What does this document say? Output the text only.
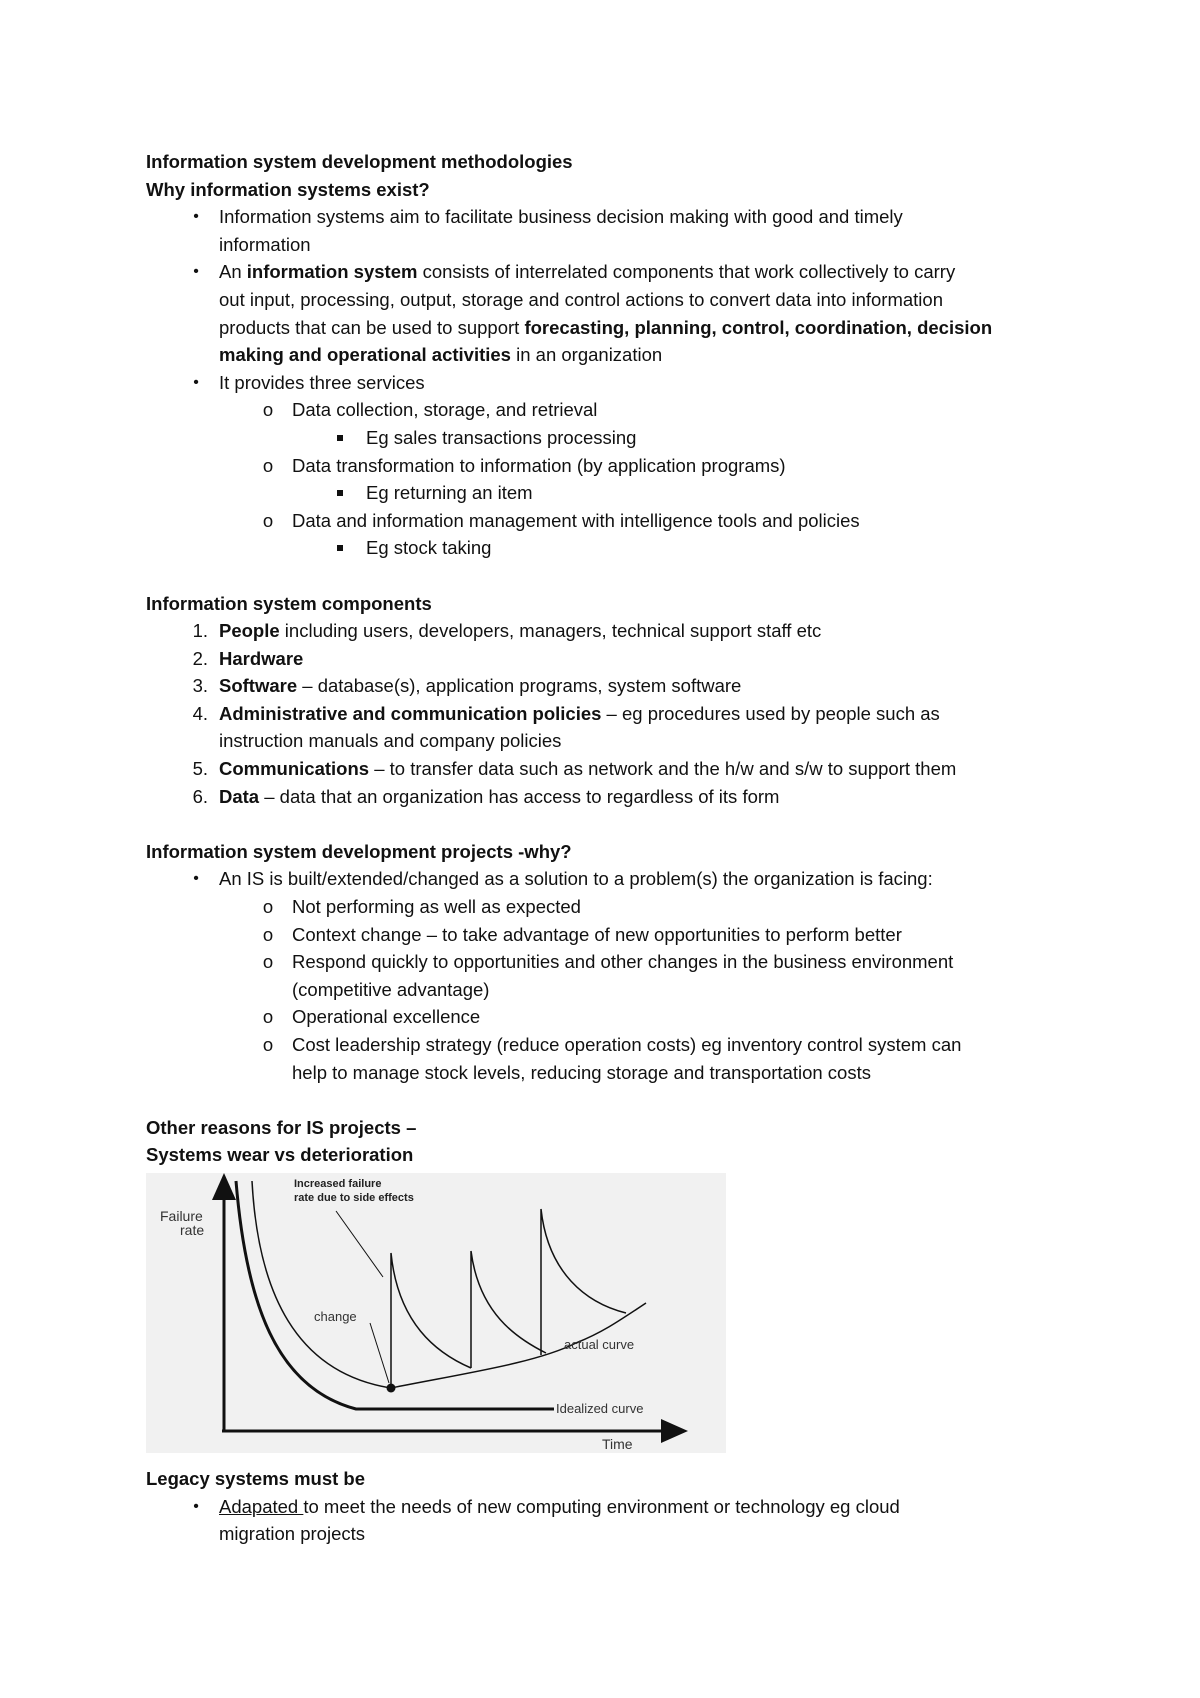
Information system development methodologies
Why information systems exist?
•	Information systems aim to facilitate business decision making with good and timely
information
•	An information system consists of interrelated components that work collectively to carry
out input, processing, output, storage and control actions to convert data into information
products that can be used to support forecasting, planning, control, coordination, decision
making and operational activities in an organization
•	It provides three services
o Data collection, storage, and retrieval
Eg sales transactions processing
o Data transformation to information (by application programs)
Eg returning an item
o Data and information management with intelligence tools and policies
Eg stock taking
Information system components
1. People including users, developers, managers, technical support staff etc
2. Hardware
3. Software – database(s), application programs, system software
4. Administrative and communication policies – eg procedures used by people such as
instruction manuals and company policies
5. Communications – to transfer data such as network and the h/w and s/w to support them
6. Data – data that an organization has access to regardless of its form
Information system development projects -why?
•	An IS is built/extended/changed as a solution to a problem(s) the organization is facing:
o Not performing as well as expected
o Context change – to take advantage of new opportunities to perform better
o Respond quickly to opportunities and other changes in the business environment
(competitive advantage)
o Operational excellence
o Cost leadership strategy (reduce operation costs) eg inventory control system can
help to manage stock levels, reducing storage and transportation costs
Other reasons for IS projects –
Systems wear vs deterioration
Failure
rate
Time
Increased failure
rate due to side effects
change
actual curve
Idealized curve
Legacy systems must be
•	Adapated to meet the needs of new computing environment or technology eg cloud
migration projects
